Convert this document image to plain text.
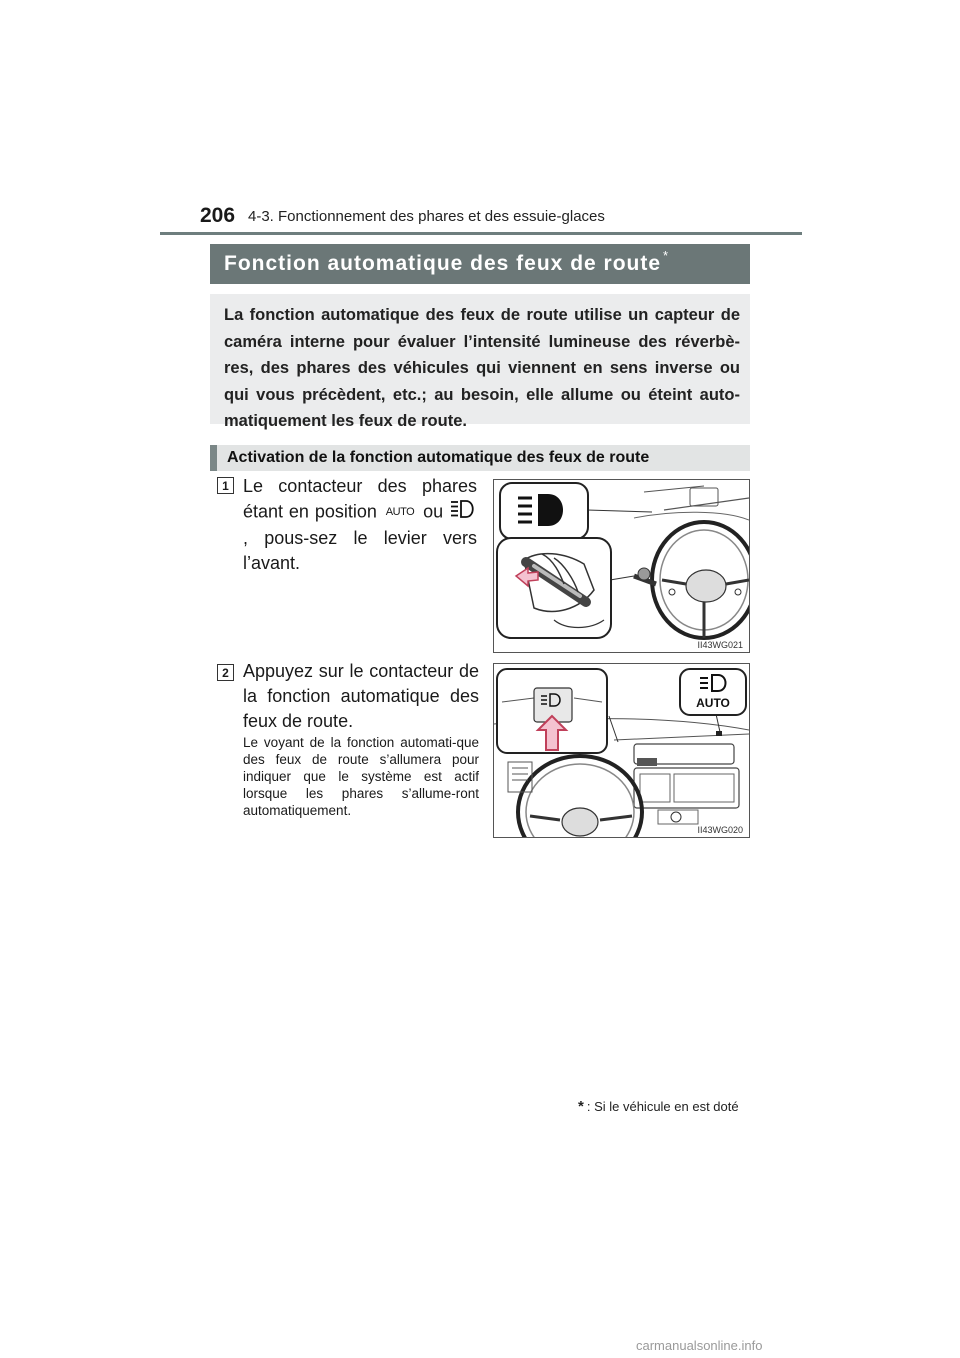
206 4-3. Fonctionnement des phares et des essuie-glaces
Fonction automatique des feux de route *

La fonction automatique des feux de route utilise un capteur de caméra interne pour évaluer l’intensité lumineuse des réverbè-res, des phares des véhicules qui viennent en sens inverse ou qui vous précèdent, etc.; au besoin, elle allume ou éteint auto-matiquement les feux de route.

Activation de la fonction automatique des feux de route
1 Le contacteur des phares étant en position AUTO ou , pous-sez le levier vers l’avant.
II43WG021
2 Appuyez sur le contacteur de la fonction automatique des feux de route.
Le voyant de la fonction automati-que des feux de route s’allumera pour indiquer que le système est actif lorsque les phares s’allume-ront automatiquement.
AUTO
II43WG020
* : Si le véhicule en est doté
carmanualsonline.info
